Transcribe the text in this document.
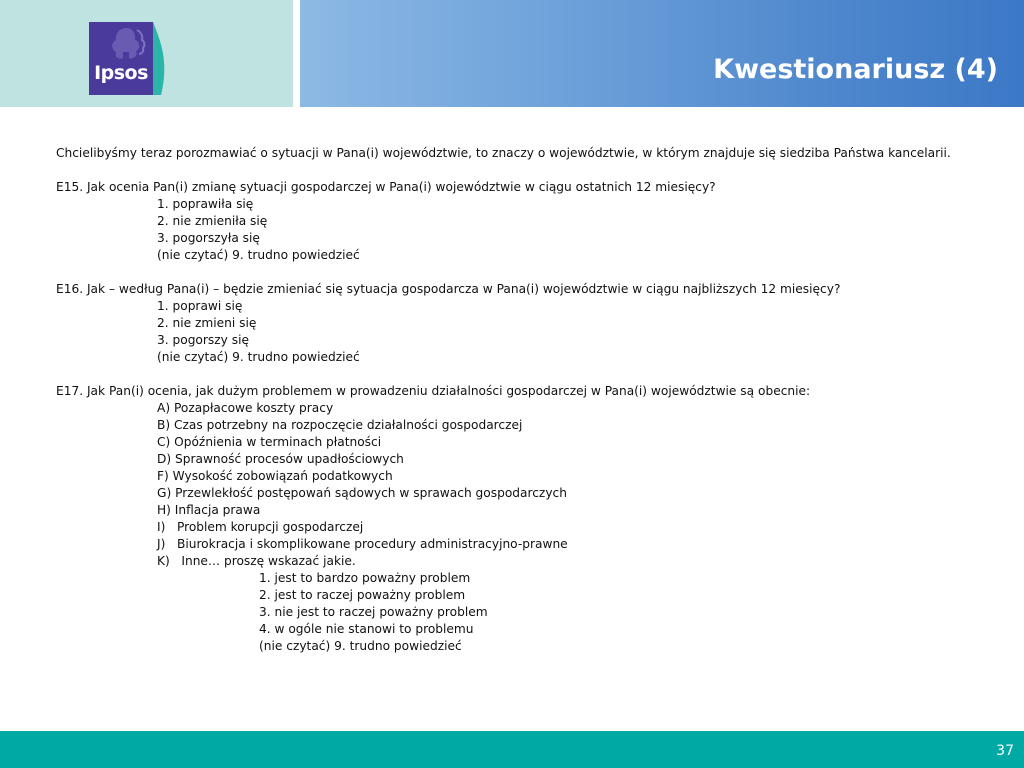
Ipsos	Kwestionariusz (4)
Chcielibyśmy teraz porozmawiać o sytuacji w Pana(i) województwie, to znaczy o województwie, w którym znajduje się siedziba Państwa kancelarii.
E15. Jak ocenia Pan(i) zmianę sytuacji gospodarczej w Pana(i) województwie w ciągu ostatnich 12 miesięcy?
1. poprawiła się
2. nie zmieniła się
3. pogorszyła się
(nie czytać) 9. trudno powiedzieć
E16. Jak – według Pana(i) – będzie zmieniać się sytuacja gospodarcza w Pana(i) województwie w ciągu najbliższych 12 miesięcy?
1. poprawi się
2. nie zmieni się
3. pogorszy się
(nie czytać) 9. trudno powiedzieć
E17. Jak Pan(i) ocenia, jak dużym problemem w prowadzeniu działalności gospodarczej w Pana(i) województwie są obecnie:
A) Pozapłacowe koszty pracy
B) Czas potrzebny na rozpoczęcie działalności gospodarczej
C) Opóźnienia w terminach płatności
D) Sprawność procesów upadłościowych
F) Wysokość zobowiązań podatkowych
G) Przewlekłość postępowań sądowych w sprawach gospodarczych
H) Inflacja prawa
I)   Problem korupcji gospodarczej
J)   Biurokracja i skomplikowane procedury administracyjno-prawne
K)   Inne… proszę wskazać jakie.
1. jest to bardzo poważny problem
2. jest to raczej poważny problem
3. nie jest to raczej poważny problem
4. w ogóle nie stanowi to problemu
(nie czytać) 9. trudno powiedzieć
37
